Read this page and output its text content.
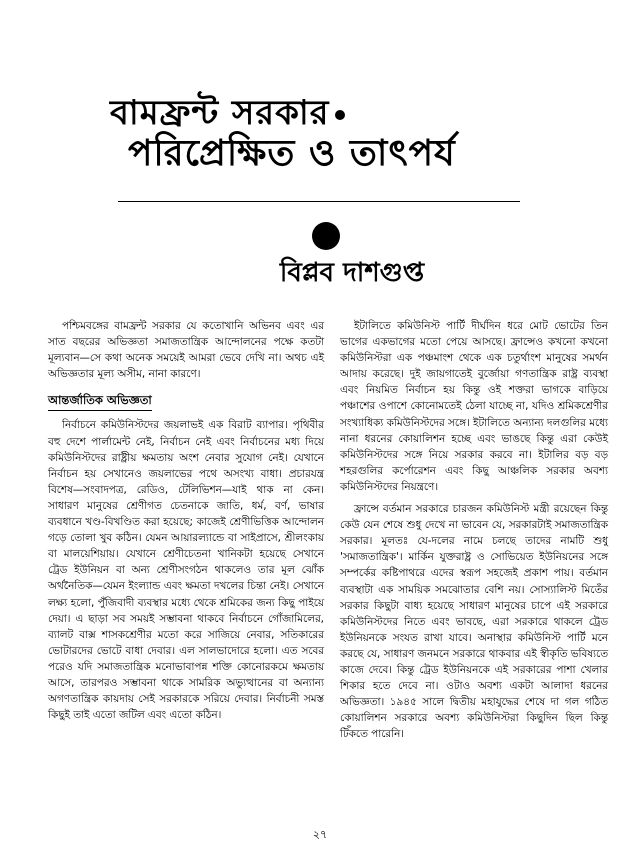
বামফ্রন্ট সরকার
পরিপ্রেক্ষিত ও তাৎপর্য
বিপ্লব দাশগুপ্ত

পশ্চিমবঙ্গের বামফ্রন্ট সরকার যে কতোখানি অভিনব এবং এর সাত বছরের অভিজ্ঞতা সমাজতান্ত্রিক আন্দোলনের পক্ষে কতটা মূল্যবান—সে কথা অনেক সময়েই আমরা ভেবে দেখি না। অথচ এই অভিজ্ঞতার মূল্য অসীম, নানা কারণে।

আন্তর্জাতিক অভিজ্ঞতা

নির্বাচনে কমিউনিস্টদের জয়লাভই এক বিরাট ব্যাপার। পৃথিবীর বহু দেশে পার্লামেন্ট নেই, নির্বাচন নেই এবং নির্বাচনের মধ্য দিয়ে কমিউনিস্টদের রাষ্ট্রীয় ক্ষমতায় অংশ নেবার সুযোগ নেই। যেখানে নির্বাচন হয় সেখানেও জয়লাভের পথে অসংখ্য বাধা। প্রচারযন্ত্র বিশেষ—সংবাদপত্র, রেডিও, টেলিভিশন—যাই থাক না কেন। সাধারণ মানুষের শ্রেণীগত চেতনাকে জাতি, ধর্ম, বর্ণ, ভাষার ব্যবধানে খণ্ড-বিখণ্ডিত করা হয়েছে; কাজেই শ্রেণীভিত্তিক আন্দোলন গড়ে তোলা খুব কঠিন। যেমন আয়ারল্যান্ডে বা সাইপ্রাসে, শ্রীলংকায় বা মালয়েশিয়ায়। যেখানে শ্রেণীচেতনা খানিকটা হয়েছে সেখানে ট্রেড ইউনিয়ন বা অন্য শ্রেণীসংগঠন থাকলেও তার মূল ঝোঁক অর্থনৈতিক—যেমন ইংল্যান্ড এবং ক্ষমতা দখলের চিন্তা নেই। সেখানে লক্ষ্য হলো, পুঁজিবাদী ব্যবস্থার মধ্যে থেকে শ্রমিকের জন্য কিছু পাইয়ে দেয়া। এ ছাড়া সব সময়ই সম্ভাবনা থাকবে নির্বাচনে গোঁজামিলের, ব্যালট বাক্স শাসকশ্রেণীর মতো করে সাজিয়ে নেবার, সতিকারের ভোটারদের ভোটে বাধা দেবার। এল সালভাদোরে হলো। এত সবের পরেও যদি সমাজতান্ত্রিক মনোভাবাপন্ন শক্তি কোনোরকমে ক্ষমতায় আসে, তারপরও সম্ভাবনা থাকে সামরিক অভ্যুত্থানের বা অন্যান্য অগণতান্ত্রিক কায়দায় সেই সরকারকে সরিয়ে দেবার। নির্বাচনী সমস্ত কিছুই তাই এতো জটিল এবং এতো কঠিন।

ইটালিতে কমিউনিস্ট পার্টি দীর্ঘদিন ধরে মোট ভোটের তিন ভাগের একভাগের মতো পেয়ে আসছে। ফ্রান্সেও কখনো কখনো কমিউনিস্টরা এক পঞ্চমাংশ থেকে এক চতুর্থাংশ মানুষের সমর্থন আদায় করেছে। দুই জায়গাতেই বুর্জোয়া গণতান্ত্রিক রাষ্ট্র ব্যবস্থা এবং নিয়মিত নির্বাচন হয় কিন্তু ওই শক্তরা ভাগকে বাড়িয়ে পঞ্চাশের ওপাশে কোনোমতেই ঠেলা যাচ্ছে না, যদিও শ্রমিকশ্রেণীর সংখ্যাধিক্য কমিউনিস্টদের সঙ্গে। ইটালিতে অন্যান্য দলগুলির মধ্যে নানা ধরনের কোয়ালিশন হচ্ছে এবং ভাঙছে কিন্তু এরা কেউই কমিউনিস্টদের সঙ্গে নিয়ে সরকার করবে না। ইটালির বড় বড় শহরগুলির কর্পোরেশন এবং কিছু আঞ্চলিক সরকার অবশ্য কমিউনিস্টদের নিয়ন্ত্রণে।

ফ্রান্সে বর্তমান সরকারে চারজন কমিউনিস্ট মন্ত্রী রয়েছেন কিন্তু কেউ যেন শেষে শুধু দেখে না ভাবেন যে, সরকারটাই সমাজতান্ত্রিক সরকার। মূলতঃ যে-দলের নামে চলছে তাদের নামটি শুধু 'সমাজতান্ত্রিক'। মার্কিন যুক্তরাষ্ট্র ও সোভিয়েত ইউনিয়নের সঙ্গে সম্পর্কের কষ্টিপাথরে এদের স্বরূপ সহজেই প্রকাশ পায়। বর্তমান ব্যবস্থাটা এক সাময়িক সমঝোতার বেশি নয়। সোস্যালিস্ট মিতেঁর সরকার কিছুটা বাধ্য হয়েছে সাধারণ মানুষের চাপে এই সরকারে কমিউনিস্টদের নিতে এবং ভাবছে, এরা সরকারে থাকলে ট্রেড ইউনিয়নকে সংযত রাখা যাবে। অনাস্থার কমিউনিস্ট পার্টি মনে করছে যে, সাধারণ জনমনে সরকারে থাকবার এই স্বীকৃতি ভবিষ্যতে কাজে দেবে। কিন্তু ট্রেড ইউনিয়নকে এই সরকারের পাশা খেলার শিকার হতে দেবে না। ওটাও অবশ্য একটা আলাদা ধরনের অভিজ্ঞতা। ১৯৪৫ সালে দ্বিতীয় মহাযুদ্ধের শেষে দা গল গঠিত কোয়ালিশন সরকারে অবশ্য কমিউনিস্টরা কিছুদিন ছিল কিন্তু টিঁকতে পারেনি।

২৭
